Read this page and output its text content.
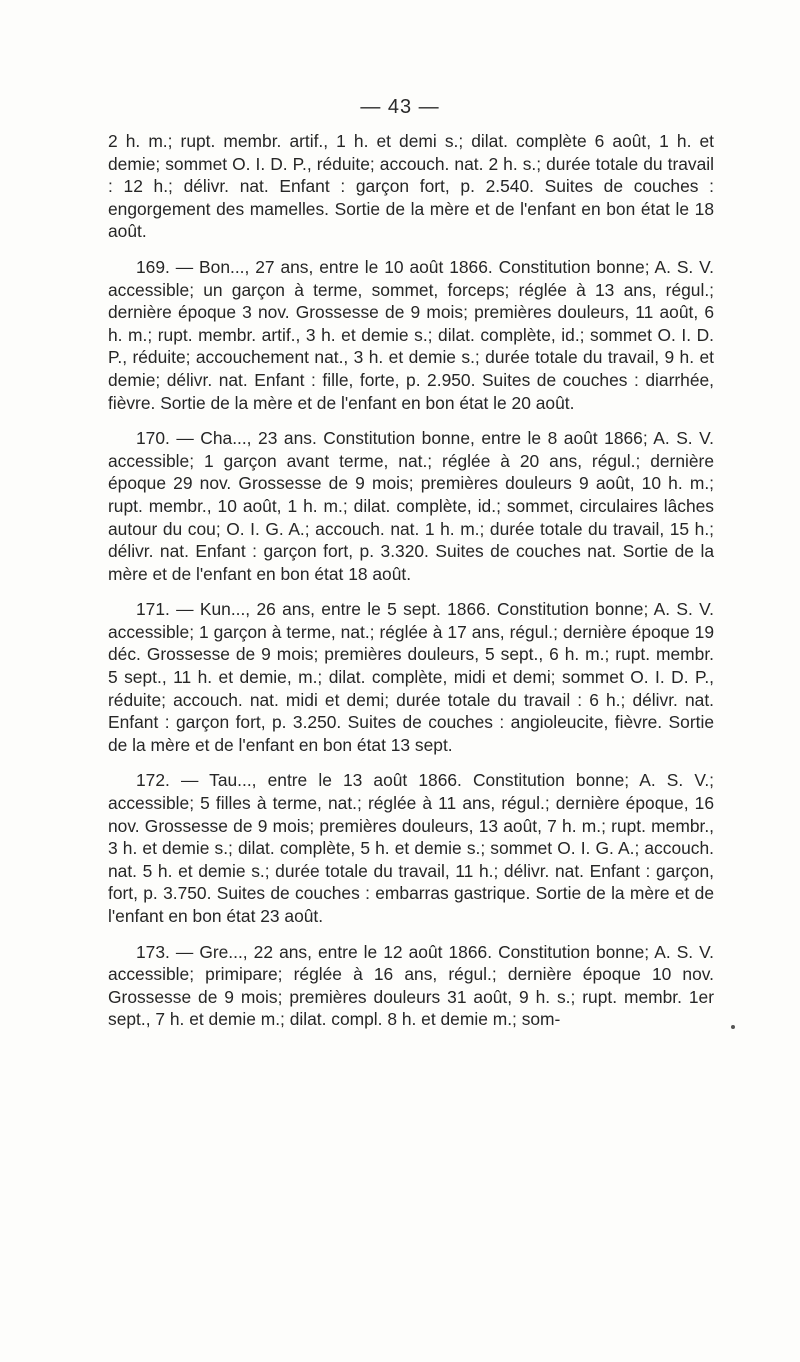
— 43 —

2 h. m.; rupt. membr. artif., 1 h. et demi s.; dilat. complète 6 août, 1 h. et demie; sommet O. I. D. P., réduite; accouch. nat. 2 h. s.; durée totale du travail : 12 h.; délivr. nat. Enfant : garçon fort, p. 2.540. Suites de couches : engorgement des mamelles. Sortie de la mère et de l'enfant en bon état le 18 août.

169. — Bon..., 27 ans, entre le 10 août 1866. Constitution bonne; A. S. V. accessible; un garçon à terme, sommet, forceps; réglée à 13 ans, régul.; dernière époque 3 nov. Grossesse de 9 mois; premières douleurs, 11 août, 6 h. m.; rupt. membr. artif., 3 h. et demie s.; dilat. complète, id.; sommet O. I. D. P., réduite; accouchement nat., 3 h. et demie s.; durée totale du travail, 9 h. et demie; délivr. nat. Enfant : fille, forte, p. 2.950. Suites de couches : diarrhée, fièvre. Sortie de la mère et de l'enfant en bon état le 20 août.

170. — Cha..., 23 ans. Constitution bonne, entre le 8 août 1866; A. S. V. accessible; 1 garçon avant terme, nat.; réglée à 20 ans, régul.; dernière époque 29 nov. Grossesse de 9 mois; premières douleurs 9 août, 10 h. m.; rupt. membr., 10 août, 1 h. m.; dilat. complète, id.; sommet, circulaires lâches autour du cou; O. I. G. A.; accouch. nat. 1 h. m.; durée totale du travail, 15 h.; délivr. nat. Enfant : garçon fort, p. 3.320. Suites de couches nat. Sortie de la mère et de l'enfant en bon état 18 août.

171. — Kun..., 26 ans, entre le 5 sept. 1866. Constitution bonne; A. S. V. accessible; 1 garçon à terme, nat.; réglée à 17 ans, régul.; dernière époque 19 déc. Grossesse de 9 mois; premières douleurs, 5 sept., 6 h. m.; rupt. membr. 5 sept., 11 h. et demie, m.; dilat. complète, midi et demi; sommet O. I. D. P., réduite; accouch. nat. midi et demi; durée totale du travail : 6 h.; délivr. nat. Enfant : garçon fort, p. 3.250. Suites de couches : angioleucite, fièvre. Sortie de la mère et de l'enfant en bon état 13 sept.

172. — Tau..., entre le 13 août 1866. Constitution bonne; A. S. V.; accessible; 5 filles à terme, nat.; réglée à 11 ans, régul.; dernière époque, 16 nov. Grossesse de 9 mois; premières douleurs, 13 août, 7 h. m.; rupt. membr., 3 h. et demie s.; dilat. complète, 5 h. et demie s.; sommet O. I. G. A.; accouch. nat. 5 h. et demie s.; durée totale du travail, 11 h.; délivr. nat. Enfant : garçon, fort, p. 3.750. Suites de couches : embarras gastrique. Sortie de la mère et de l'enfant en bon état 23 août.

173. — Gre..., 22 ans, entre le 12 août 1866. Constitution bonne; A. S. V. accessible; primipare; réglée à 16 ans, régul.; dernière époque 10 nov. Grossesse de 9 mois; premières douleurs 31 août, 9 h. s.; rupt. membr. 1er sept., 7 h. et demie m.; dilat. compl. 8 h. et demie m.; som-
